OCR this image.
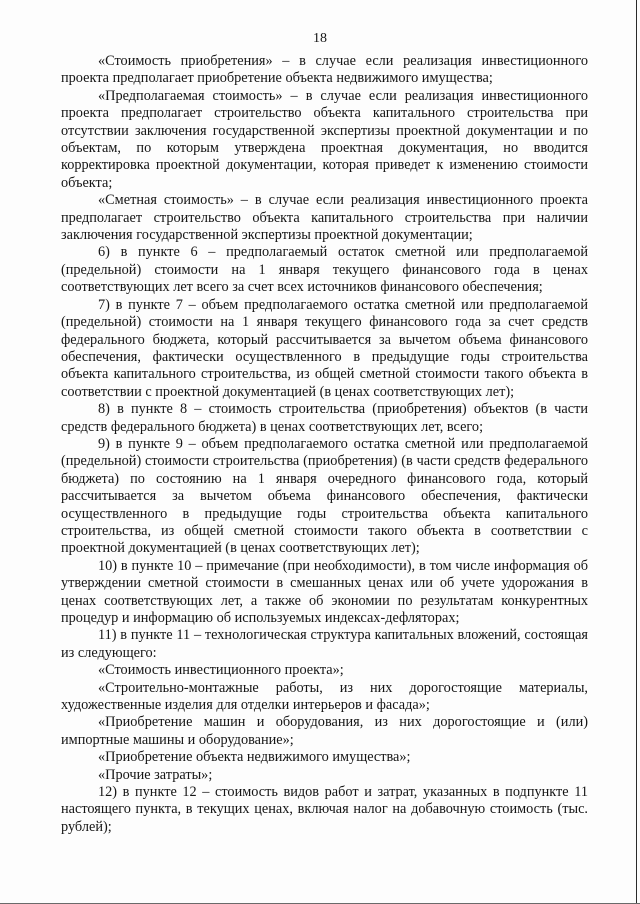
18

«Стоимость приобретения» – в случае если реализация инвестиционного проекта предполагает приобретение объекта недвижимого имущества;

«Предполагаемая стоимость» – в случае если реализация инвестиционного проекта предполагает строительство объекта капитального строительства при отсутствии заключения государственной экспертизы проектной документации и по объектам, по которым утверждена проектная документация, но вводится корректировка проектной документации, которая приведет к изменению стоимости объекта;

«Сметная стоимость» – в случае если реализация инвестиционного проекта предполагает строительство объекта капитального строительства при наличии заключения государственной экспертизы проектной документации;

6) в пункте 6 – предполагаемый остаток сметной или предполагаемой (предельной) стоимости на 1 января текущего финансового года в ценах соответствующих лет всего за счет всех источников финансового обеспечения;

7) в пункте 7 – объем предполагаемого остатка сметной или предполагаемой (предельной) стоимости на 1 января текущего финансового года за счет средств федерального бюджета, который рассчитывается за вычетом объема финансового обеспечения, фактически осуществленного в предыдущие годы строительства объекта капитального строительства, из общей сметной стоимости такого объекта в соответствии с проектной документацией (в ценах соответствующих лет);

8) в пункте 8 – стоимость строительства (приобретения) объектов (в части средств федерального бюджета) в ценах соответствующих лет, всего;

9) в пункте 9 – объем предполагаемого остатка сметной или предполагаемой (предельной) стоимости строительства (приобретения) (в части средств федерального бюджета) по состоянию на 1 января очередного финансового года, который рассчитывается за вычетом объема финансового обеспечения, фактически осуществленного в предыдущие годы строительства объекта капитального строительства, из общей сметной стоимости такого объекта в соответствии с проектной документацией (в ценах соответствующих лет);

10) в пункте 10 – примечание (при необходимости), в том числе информация об утверждении сметной стоимости в смешанных ценах или об учете удорожания в ценах соответствующих лет, а также об экономии по результатам конкурентных процедур и информацию об используемых индексах-дефляторах;

11) в пункте 11 – технологическая структура капитальных вложений, состоящая из следующего:

«Стоимость инвестиционного проекта»;

«Строительно-монтажные работы, из них дорогостоящие материалы, художественные изделия для отделки интерьеров и фасада»;

«Приобретение машин и оборудования, из них дорогостоящие и (или) импортные машины и оборудование»;

«Приобретение объекта недвижимого имущества»;

«Прочие затраты»;

12) в пункте 12 – стоимость видов работ и затрат, указанных в подпункте 11 настоящего пункта, в текущих ценах, включая налог на добавочную стоимость (тыс. рублей);
